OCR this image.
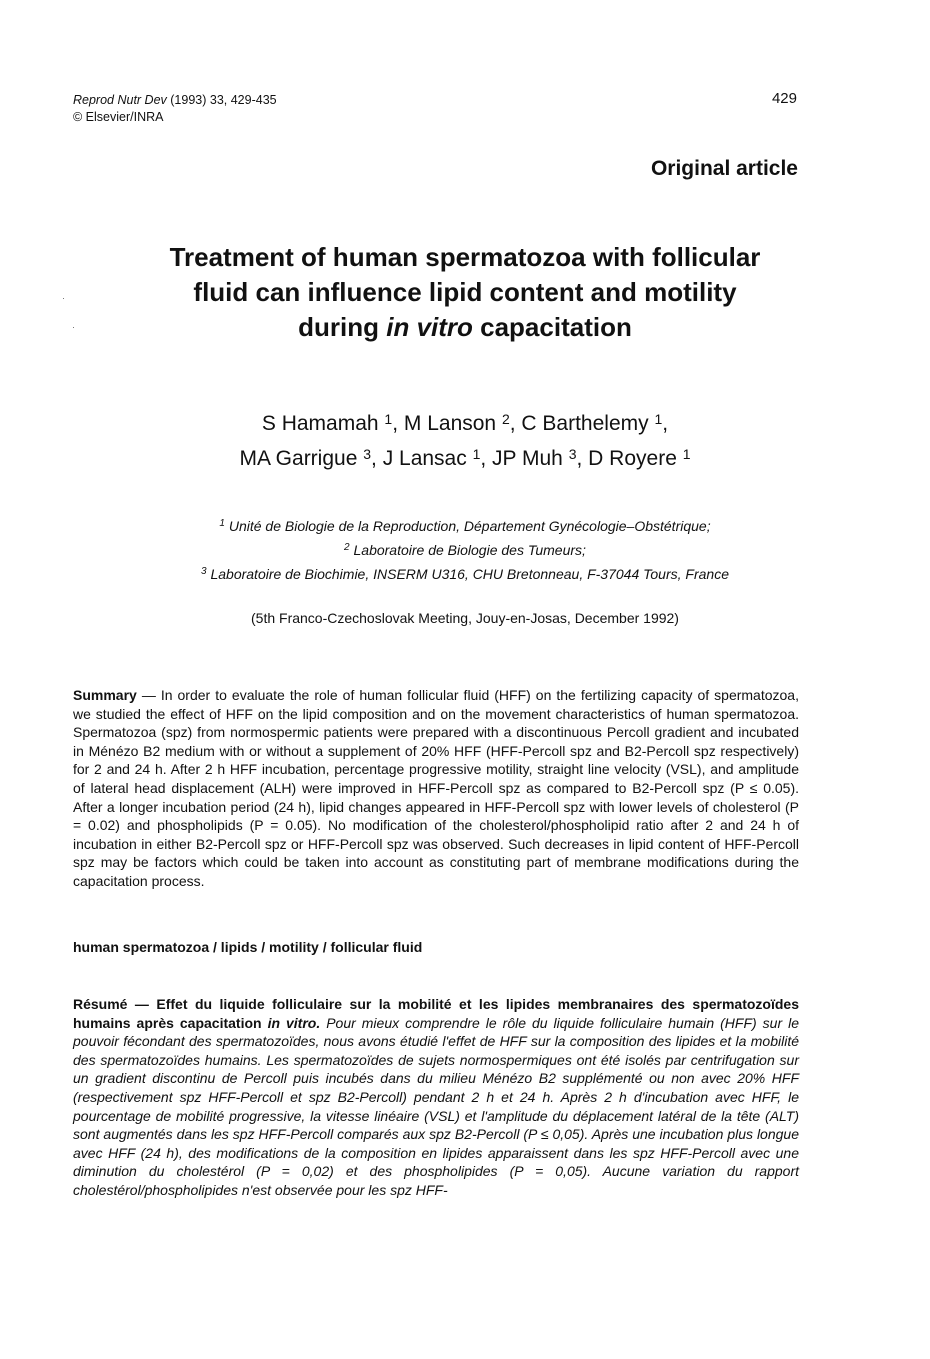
Reprod Nutr Dev (1993) 33, 429-435
© Elsevier/INRA
429
Original article
Treatment of human spermatozoa with follicular
fluid can influence lipid content and motility
during in vitro capacitation
S Hamamah $^1$, M Lanson $^2$, C Barthelemy $^1$,
MA Garrigue $^3$, J Lansac $^1$, JP Muh $^3$, D Royere $^1$
$^1$ Unité de Biologie de la Reproduction, Département Gynécologie–Obstétrique;
$^2$ Laboratoire de Biologie des Tumeurs;
$^3$ Laboratoire de Biochimie, INSERM U316, CHU Bretonneau, F-37044 Tours, France
(5th Franco-Czechoslovak Meeting, Jouy-en-Josas, December 1992)

Summary — In order to evaluate the role of human follicular fluid (HFF) on the fertilizing capacity of spermatozoa, we studied the effect of HFF on the lipid composition and on the movement characteristics of human spermatozoa. Spermatozoa (spz) from normospermic patients were prepared with a discontinuous Percoll gradient and incubated in Ménézo B2 medium with or without a supplement of 20% HFF (HFF-Percoll spz and B2-Percoll spz respectively) for 2 and 24 h. After 2 h HFF incubation, percentage progressive motility, straight line velocity (VSL), and amplitude of lateral head displacement (ALH) were improved in HFF-Percoll spz as compared to B2-Percoll spz (P ≤ 0.05). After a longer incubation period (24 h), lipid changes appeared in HFF-Percoll spz with lower levels of cholesterol (P = 0.02) and phospholipids (P = 0.05). No modification of the cholesterol/phospholipid ratio after 2 and 24 h of incubation in either B2-Percoll spz or HFF-Percoll spz was observed. Such decreases in lipid content of HFF-Percoll spz may be factors which could be taken into account as constituting part of membrane modifications during the capacitation process.

human spermatozoa / lipids / motility / follicular fluid

Résumé — Effet du liquide folliculaire sur la mobilité et les lipides membranaires des spermatozoïdes humains après capacitation in vitro. Pour mieux comprendre le rôle du liquide folliculaire humain (HFF) sur le pouvoir fécondant des spermatozoïdes, nous avons étudié l'effet de HFF sur la composition des lipides et la mobilité des spermatozoïdes humains. Les spermatozoïdes de sujets normospermiques ont été isolés par centrifugation sur un gradient discontinu de Percoll puis incubés dans du milieu Ménézo B2 supplémenté ou non avec 20% HFF (respectivement spz HFF-Percoll et spz B2-Percoll) pendant 2 h et 24 h. Après 2 h d'incubation avec HFF, le pourcentage de mobilité progressive, la vitesse linéaire (VSL) et l'amplitude du déplacement latéral de la tête (ALT) sont augmentés dans les spz HFF-Percoll comparés aux spz B2-Percoll (P ≤ 0,05). Après une incubation plus longue avec HFF (24 h), des modifications de la composition en lipides apparaissent dans les spz HFF-Percoll avec une diminution du cholestérol (P = 0,02) et des phospholipides (P = 0,05). Aucune variation du rapport cholestérol/phospholipides n'est observée pour les spz HFF-
